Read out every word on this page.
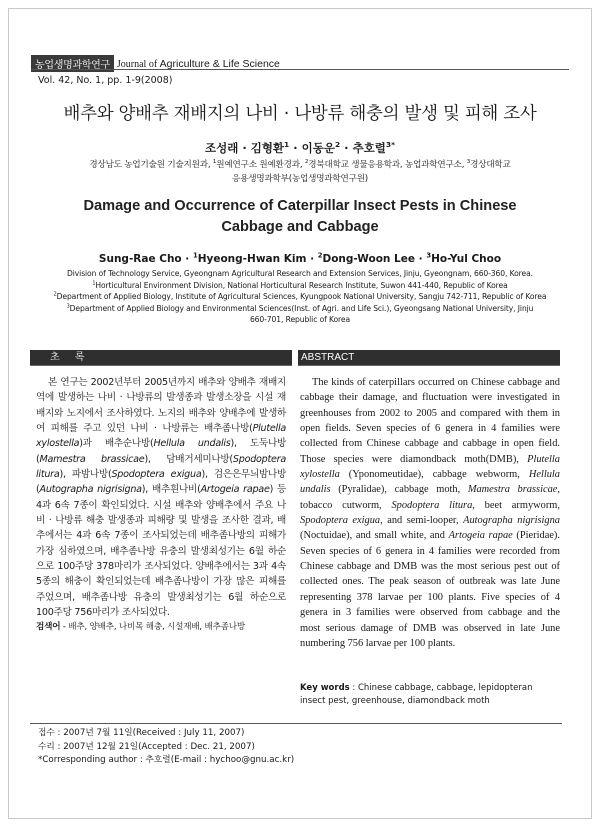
농업생명과학연구 Journal of Agriculture & Life Science
Vol. 42, No. 1, pp. 1-9(2008)
배추와 양배추 재배지의 나비 · 나방류 해충의 발생 및 피해 조사
조성래 · 김형환$^1$ · 이동운$^2$ · 추호렬$^{3*}$
경상남도 농업기술원 기술지원과, $^1$원예연구소 원예환경과, $^2$경북대학교 생물응용학과, 농업과학연구소, $^3$경상대학교
응용생명과학부(농업생명과학연구원)
Damage and Occurrence of Caterpillar Insect Pests in Chinese
Cabbage and Cabbage
Sung-Rae Cho · $^1$Hyeong-Hwan Kim · $^2$Dong-Woon Lee · $^3$Ho-Yul Choo
Division of Technology Service, Gyeongnam Agricultural Research and Extension Services, Jinju, Gyeongnam, 660-360, Korea.
$^1$Horticultural Environment Division, National Horticultural Research Institute, Suwon 441-440, Republic of Korea
$^2$Department of Applied Biology, Institute of Agricultural Sciences, Kyungpook National University, Sangju 742-711, Republic of Korea
$^3$Department of Applied Biology and Environmental Sciences(Inst. of Agri. and Life Sci.), Gyeongsang National University, Jinju
660-701, Republic of Korea
초 록	ABSTRACT

본 연구는 2002년부터 2005년까지 배추와 양배추 재배지역에 발생하는 나비 · 나방류의 발생종과 발생소장을 시설 재배지와 노지에서 조사하였다. 노지의 배추와 양배추에 발생하여 피해를 주고 있던 나비 · 나방류는 배추좀나방(Plutella xylostella)과 배추순나방(Hellula undalis), 도둑나방(Mamestra brassicae), 담배거세미나방(Spodoptera litura), 파밤나방(Spodoptera exigua), 검은은무늬밤나방(Autographa nigrisigna), 배추흰나비(Artogeia rapae) 등 4과 6속 7종이 확인되었다. 시설 배추와 양배추에서 주요 나비 · 나방류 해충 발생종과 피해량 및 발생을 조사한 결과, 배추에서는 4과 6속 7종이 조사되었는데 배추좀나방의 피해가 가장 심하였으며, 배추좀나방 유충의 발생최성기는 6월 하순으로 100주당 378마리가 조사되었다. 양배추에서는 3과 4속 5종의 해충이 확인되었는데 배추좀나방이 가장 많은 피해를 주었으며, 배추좀나방 유충의 발생최성기는 6월 하순으로 100주당 756마리가 조사되었다.

검색어 - 배추, 양배추, 나비목 해충, 시설재배, 배추좀나방

The kinds of caterpillars occurred on Chinese cabbage and cabbage their damage, and fluctuation were investigated in greenhouses from 2002 to 2005 and compared with them in open fields. Seven species of 6 genera in 4 families were collected from Chinese cabbage and cabbage in open field. Those species were diamondback moth(DMB), Plutella xylostella (Yponomeutidae), cabbage webworm, Hellula undalis (Pyralidae), cabbage moth, Mamestra brassicae, tobacco cutworm, Spodoptera litura, beet armyworm, Spodoptera exigua, and semi-looper, Autographa nigrisigna (Noctuidae), and small white, and Artogeia rapae (Pieridae). Seven species of 6 genera in 4 families were recorded from Chinese cabbage and DMB was the most serious pest out of collected ones. The peak season of outbreak was late June representing 378 larvae per 100 plants. Five species of 4 genera in 3 families were observed from cabbage and the most serious damage of DMB was observed in late June numbering 756 larvae per 100 plants.

Key words : Chinese cabbage, cabbage, lepidopteran insect pest, greenhouse, diamondback moth
접수 : 2007년 7월 11일(Received : July 11, 2007)
수리 : 2007년 12월 21일(Accepted : Dec. 21, 2007)
*Corresponding author : 추호렬(E-mail : hychoo@gnu.ac.kr)
